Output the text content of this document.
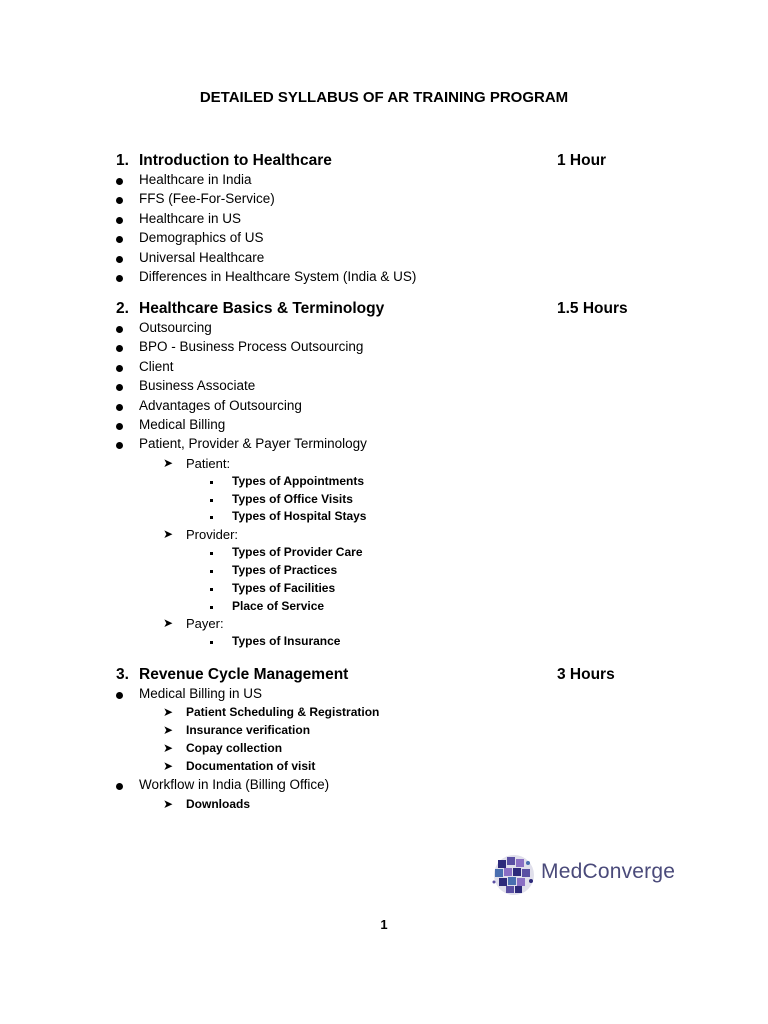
DETAILED SYLLABUS OF AR TRAINING PROGRAM
1. Introduction to Healthcare	1 Hour
Healthcare in India
FFS (Fee-For-Service)
Healthcare in US
Demographics of US
Universal Healthcare
Differences in Healthcare System (India & US)
2. Healthcare Basics & Terminology	1.5 Hours
Outsourcing
BPO - Business Process Outsourcing
Client
Business Associate
Advantages of Outsourcing
Medical Billing
Patient, Provider & Payer Terminology
➤ Patient:
Types of Appointments
Types of Office Visits
Types of Hospital Stays
➤ Provider:
Types of Provider Care
Types of Practices
Types of Facilities
Place of Service
➤ Payer:
Types of Insurance
3. Revenue Cycle Management	3 Hours
Medical Billing in US
➤ Patient Scheduling & Registration
➤ Insurance verification
➤ Copay collection
➤ Documentation of visit
Workflow in India (Billing Office)
➤ Downloads
MedConverge
1
